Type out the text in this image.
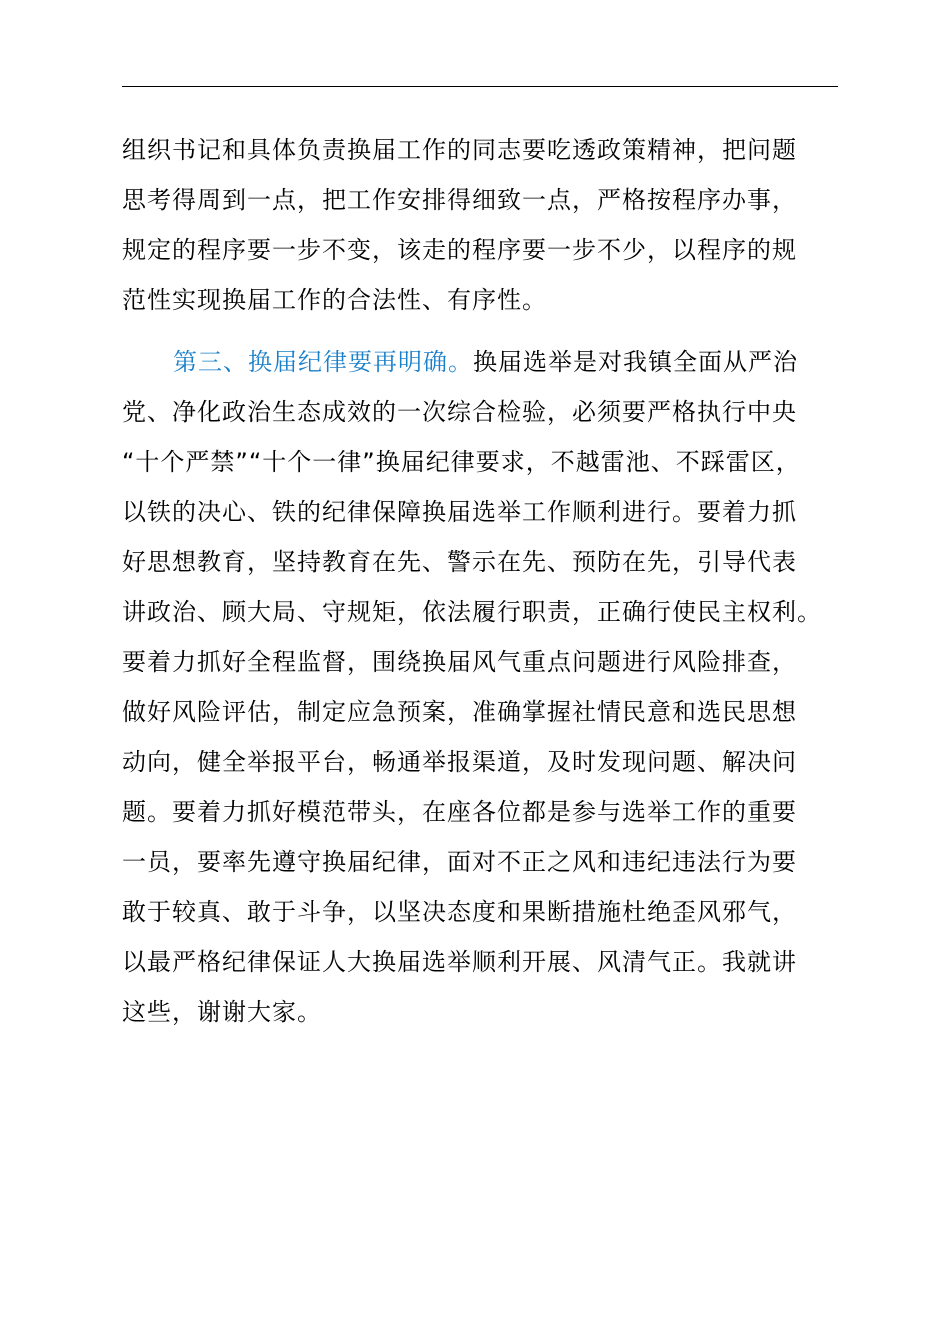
组织书记和具体负责换届工作的同志要吃透政策精神，把问题
思考得周到一点，把工作安排得细致一点，严格按程序办事，
规定的程序要一步不变，该走的程序要一步不少，以程序的规
范性实现换届工作的合法性、有序性。
第三、换届纪律要再明确。换届选举是对我镇全面从严治
党、净化政治生态成效的一次综合检验，必须要严格执行中央
“十个严禁”“十个一律”换届纪律要求，不越雷池、不踩雷区，
以铁的决心、铁的纪律保障换届选举工作顺利进行。要着力抓
好思想教育，坚持教育在先、警示在先、预防在先，引导代表
讲政治、顾大局、守规矩，依法履行职责，正确行使民主权利。
要着力抓好全程监督，围绕换届风气重点问题进行风险排查，
做好风险评估，制定应急预案，准确掌握社情民意和选民思想
动向，健全举报平台，畅通举报渠道，及时发现问题、解决问
题。要着力抓好模范带头，在座各位都是参与选举工作的重要
一员，要率先遵守换届纪律，面对不正之风和违纪违法行为要
敢于较真、敢于斗争，以坚决态度和果断措施杜绝歪风邪气，
以最严格纪律保证人大换届选举顺利开展、风清气正。我就讲
这些，谢谢大家。
